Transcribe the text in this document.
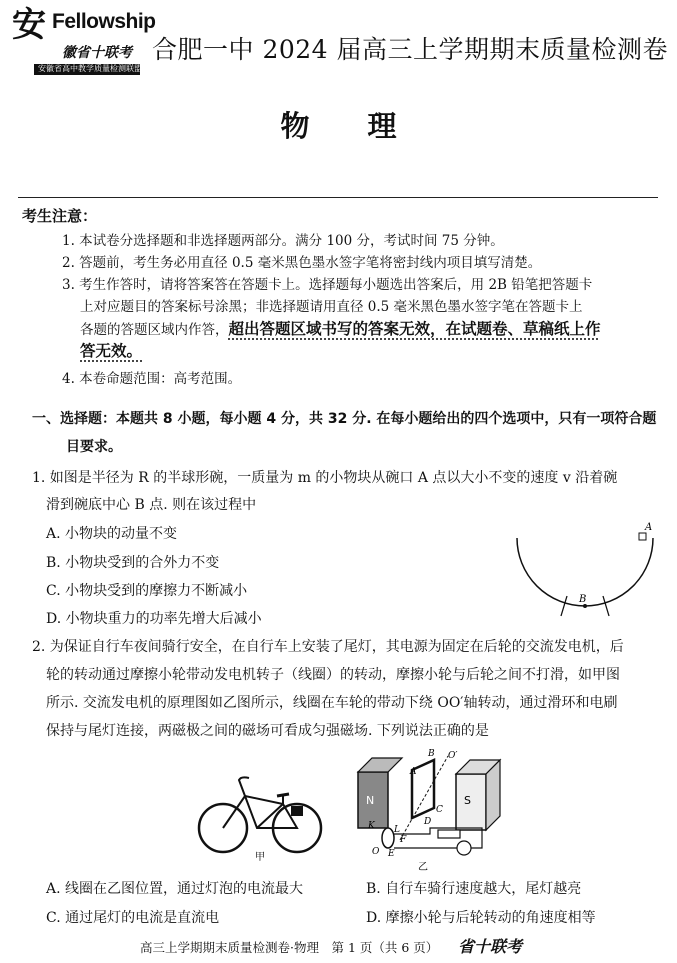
安 Fellowship
徽省十联考
安徽省高中教学质量检测联盟
合肥一中 2024 届高三上学期期末质量检测卷
物　　理
考生注意：
1. 本试卷分选择题和非选择题两部分。满分 100 分，考试时间 75 分钟。
2. 答题前，考生务必用直径 0.5 毫米黑色墨水签字笔将密封线内项目填写清楚。
3. 考生作答时，请将答案答在答题卡上。选择题每小题选出答案后，用 2B 铅笔把答题卡
上对应题目的答案标号涂黑；非选择题请用直径 0.5 毫米黑色墨水签字笔在答题卡上
各题的答题区域内作答，超出答题区域书写的答案无效，在试题卷、草稿纸上作
答无效。
4. 本卷命题范围：高考范围。
一、选择题：本题共 8 小题，每小题 4 分，共 32 分. 在每小题给出的四个选项中，只有一项符合题
目要求。
1. 如图是半径为 R 的半球形碗，一质量为 m 的小物块从碗口 A 点以大小不变的速度 v 沿着碗
滑到碗底中心 B 点. 则在该过程中
A. 小物块的动量不变
B. 小物块受到的合外力不变
C. 小物块受到的摩擦力不断减小
D. 小物块重力的功率先增大后减小
A
B
2. 为保证自行车夜间骑行安全，在自行车上安装了尾灯，其电源为固定在后轮的交流发电机，后
轮的转动通过摩擦小轮带动发电机转子（线圈）的转动，摩擦小轮与后轮之间不打滑，如甲图
所示. 交流发电机的原理图如乙图所示，线圈在车轮的带动下绕 OO′轴转动，通过滑环和电刷
保持与尾灯连接，两磁极之间的磁场可看成匀强磁场. 下列说法正确的是
甲
N	S
B
A
O′
C
D
K L
F
O E
乙
A. 线圈在乙图位置，通过灯泡的电流最大	B. 自行车骑行速度越大，尾灯越亮
C. 通过尾灯的电流是直流电	D. 摩擦小轮与后轮转动的角速度相等
高三上学期期末质量检测卷·物理　第 1 页（共 6 页） 省十联考
